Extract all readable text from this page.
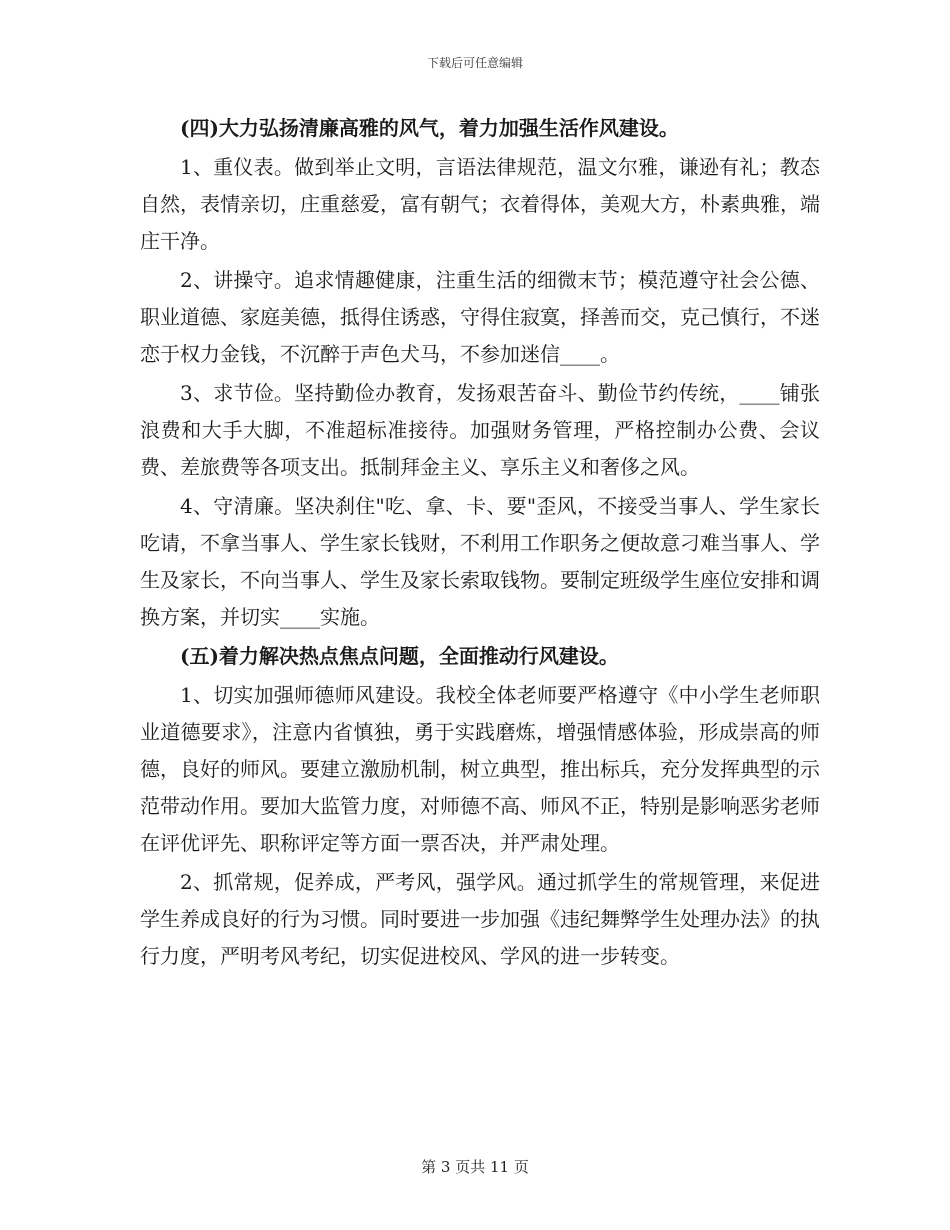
下载后可任意编辑

(四)大力弘扬清廉高雅的风气，着力加强生活作风建设。

1、重仪表。做到举止文明，言语法律规范，温文尔雅，谦逊有礼；教态自然，表情亲切，庄重慈爱，富有朝气；衣着得体，美观大方，朴素典雅，端庄干净。

2、讲操守。追求情趣健康，注重生活的细微末节；模范遵守社会公德、职业道德、家庭美德，抵得住诱惑，守得住寂寞，择善而交，克己慎行，不迷恋于权力金钱，不沉醉于声色犬马，不参加迷信____。

3、求节俭。坚持勤俭办教育，发扬艰苦奋斗、勤俭节约传统，____铺张浪费和大手大脚，不准超标准接待。加强财务管理，严格控制办公费、会议费、差旅费等各项支出。抵制拜金主义、享乐主义和奢侈之风。

4、守清廉。坚决刹住"吃、拿、卡、要"歪风，不接受当事人、学生家长吃请，不拿当事人、学生家长钱财，不利用工作职务之便故意刁难当事人、学生及家长，不向当事人、学生及家长索取钱物。要制定班级学生座位安排和调换方案，并切实____实施。

(五)着力解决热点焦点问题，全面推动行风建设。

1、切实加强师德师风建设。我校全体老师要严格遵守《中小学生老师职业道德要求》，注意内省慎独，勇于实践磨炼，增强情感体验，形成崇高的师德，良好的师风。要建立激励机制，树立典型，推出标兵，充分发挥典型的示范带动作用。要加大监管力度，对师德不高、师风不正，特别是影响恶劣老师在评优评先、职称评定等方面一票否决，并严肃处理。

2、抓常规，促养成，严考风，强学风。通过抓学生的常规管理，来促进学生养成良好的行为习惯。同时要进一步加强《违纪舞弊学生处理办法》的执行力度，严明考风考纪，切实促进校风、学风的进一步转变。

第 3 页共 11 页
